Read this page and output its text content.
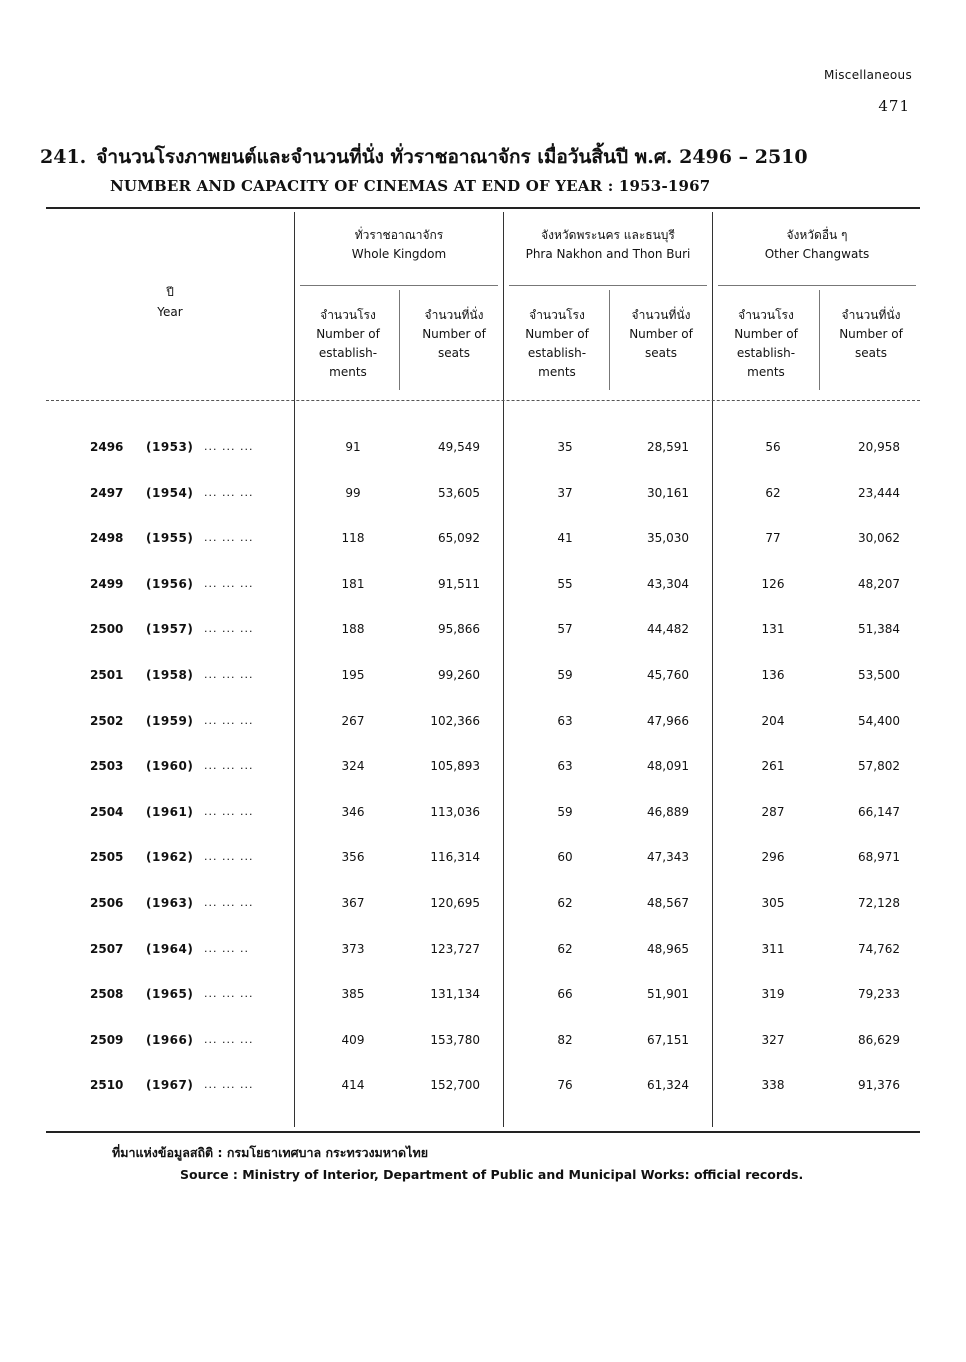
Miscellaneous
471
241. จำนวนโรงภาพยนต์และจำนวนที่นั่ง ทั่วราชอาณาจักร เมื่อวันสิ้นปี พ.ศ. 2496 – 2510
NUMBER AND CAPACITY OF CINEMAS AT END OF YEAR : 1953-1967
ปี
Year
ทั่วราชอาณาจักร
Whole Kingdom
จังหวัดพระนคร และธนบุรี
Phra Nakhon and Thon Buri
จังหวัดอื่น ๆ
Other Changwats
จำนวนโรง
Number of
establish-
ments
จำนวนที่นั่ง
Number of
seats
จำนวนโรง
Number of
establish-
ments
จำนวนที่นั่ง
Number of
seats
จำนวนโรง
Number of
establish-
ments
จำนวนที่นั่ง
Number of
seats
2496 (1953) ... ... ...	91	49,549	35	28,591	56	20,958
2497 (1954) ... ... ...	99	53,605	37	30,161	62	23,444
2498 (1955) ... ... ...	118	65,092	41	35,030	77	30,062
2499 (1956) ... ... ...	181	91,511	55	43,304	126	48,207
2500 (1957) ... ... ...	188	95,866	57	44,482	131	51,384
2501 (1958) ... ... ...	195	99,260	59	45,760	136	53,500
2502 (1959) ... ... ...	267	102,366	63	47,966	204	54,400
2503 (1960) ... ... ...	324	105,893	63	48,091	261	57,802
2504 (1961) ... ... ...	346	113,036	59	46,889	287	66,147
2505 (1962) ... ... ...	356	116,314	60	47,343	296	68,971
2506 (1963) ... ... ...	367	120,695	62	48,567	305	72,128
2507 (1964) ... ... ..	373	123,727	62	48,965	311	74,762
2508 (1965) ... ... ...	385	131,134	66	51,901	319	79,233
2509 (1966) ... ... ...	409	153,780	82	67,151	327	86,629
2510 (1967) ... ... ...	414	152,700	76	61,324	338	91,376
ที่มาแห่งข้อมูลสถิติ : กรมโยธาเทศบาล กระทรวงมหาดไทย
Source : Ministry of Interior, Department of Public and Municipal Works: official records.
